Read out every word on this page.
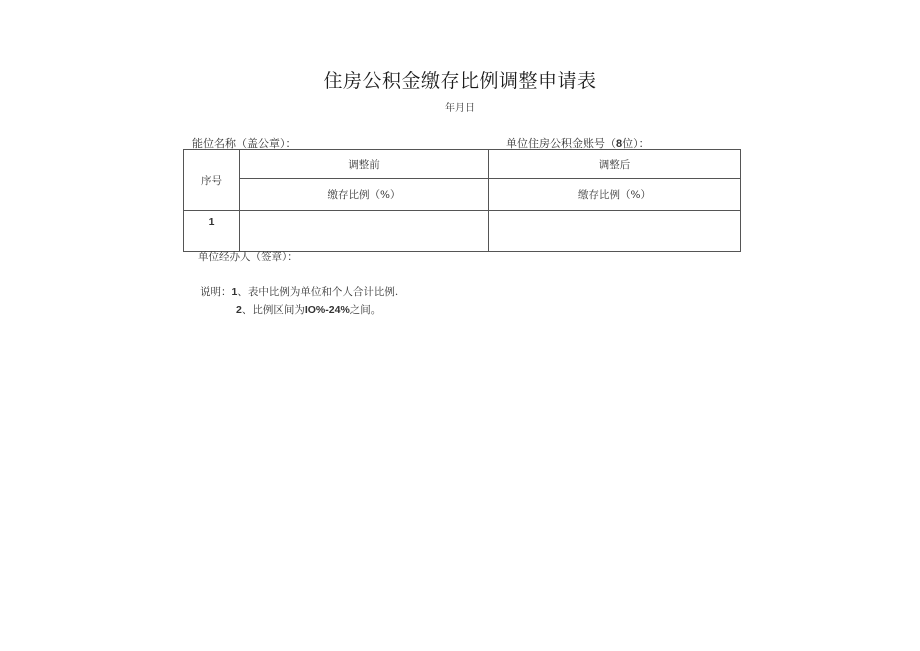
住房公积金缴存比例调整申请表
年月日
能位名称（盖公章）：	单位住房公积金账号（8位）：
序号	调整前	调整后
	缴存比例（%）	缴存比例（%）
1		
单位经办人（签章）：
说明：1、表中比例为单位和个人合计比例.
2、比例区间为IO%-24%之间。
